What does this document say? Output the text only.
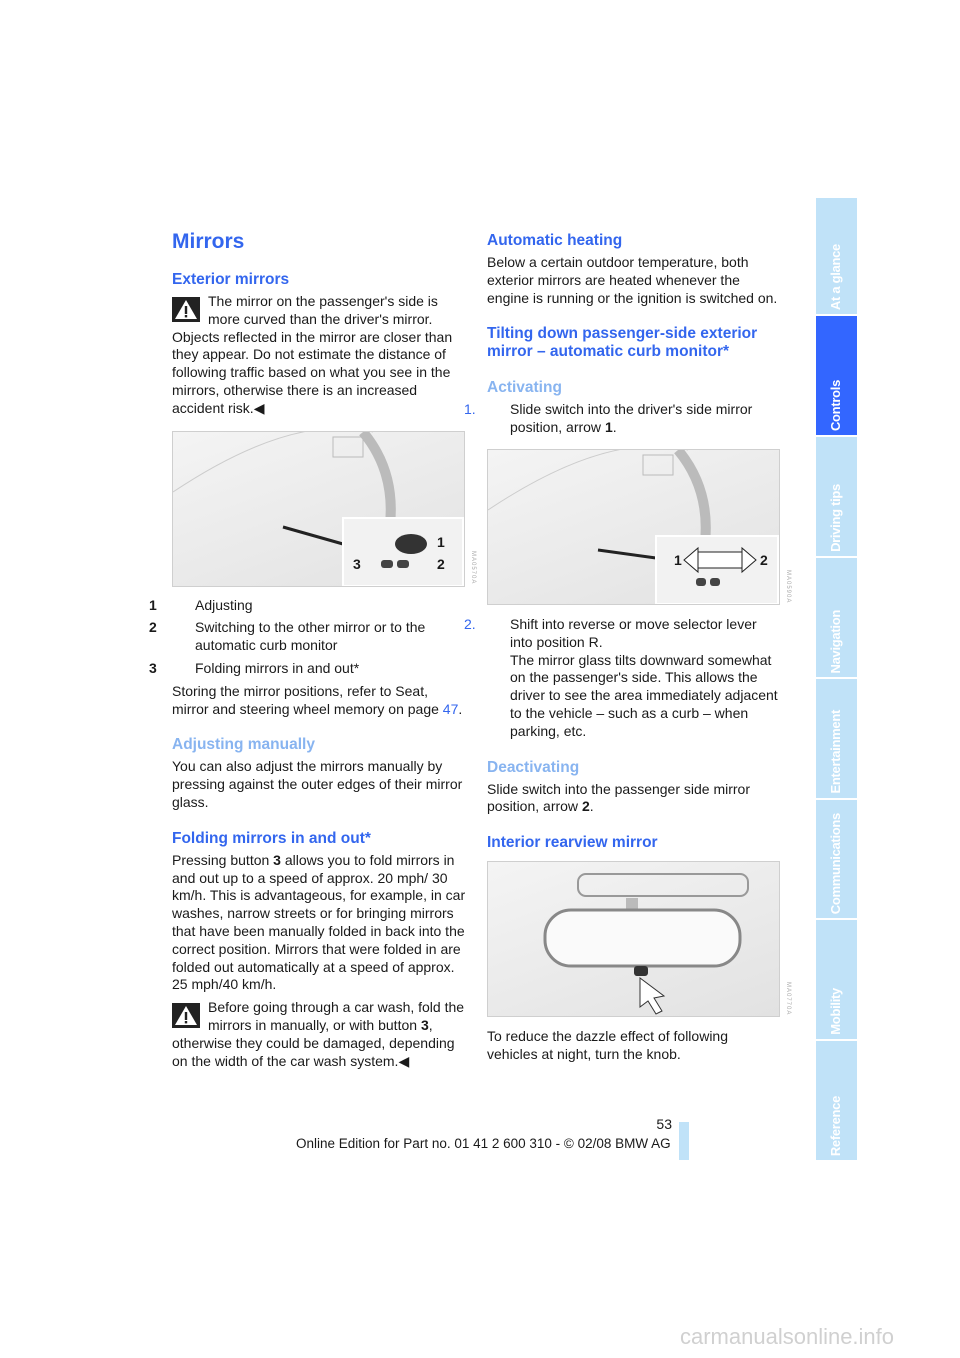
Mirrors
Exterior mirrors

The mirror on the passenger's side is more curved than the driver's mirror. Objects reflected in the mirror are closer than they appear. Do not estimate the distance of following traffic based on what you see in the mirrors, otherwise there is an increased accident risk.◀

1
2
3	MA0570A

1	Adjusting

2	Switching to the other mirror or to the automatic curb monitor

3	Folding mirrors in and out*

Storing the mirror positions, refer to Seat, mirror and steering wheel memory on page 47.

Adjusting manually

You can also adjust the mirrors manually by pressing against the outer edges of their mirror glass.

Folding mirrors in and out*

Pressing button 3 allows you to fold mirrors in and out up to a speed of approx. 20 mph/ 30 km/h. This is advantageous, for example, in car washes, narrow streets or for bringing mirrors that have been manually folded in back into the correct position. Mirrors that were folded in are folded out automatically at a speed of approx. 25 mph/40 km/h.

Before going through a car wash, fold the mirrors in manually, or with button 3, otherwise they could be damaged, depending on the width of the car wash system.◀

Automatic heating

Below a certain outdoor temperature, both exterior mirrors are heated whenever the engine is running or the ignition is switched on.

Tilting down passenger-side exterior mirror – automatic curb monitor*
Activating

1. Slide switch into the driver's side mirror position, arrow 1.

1	2
MA0590A
2. Shift into reverse or move selector lever into position R.

The mirror glass tilts downward somewhat on the passenger's side. This allows the driver to see the area immediately adjacent to the vehicle – such as a curb – when parking, etc.

Deactivating

Slide switch into the passenger side mirror position, arrow 2.

Interior rearview mirror
MA0770A

To reduce the dazzle effect of following vehicles at night, turn the knob.

At a glance
Controls
Driving tips
Navigation
Entertainment
Communications
Mobility
Reference
53
Online Edition for Part no. 01 41 2 600 310 - © 02/08 BMW AG
carmanualsonline.info
